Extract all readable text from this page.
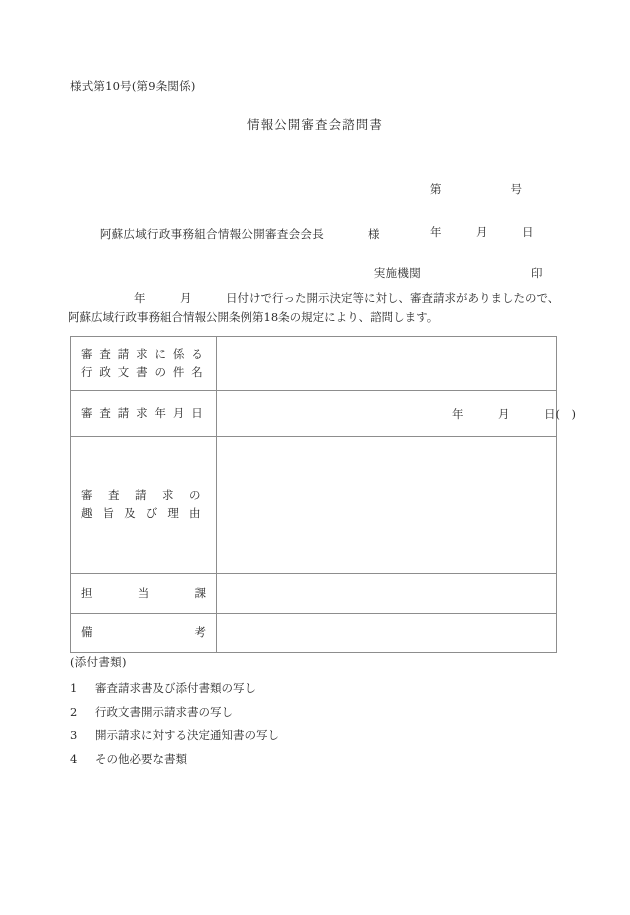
様式第10号(第9条関係)
情報公開審査会諮問書

第　　　　　　号

年　　　月　　　日

阿蘇広域行政事務組合情報公開審査会会長	様

実施機関	印

年　　　月　　　日付けで行った開示決定等に対し、審査請求がありましたので、阿蘇広域行政事務組合情報公開条例第18条の規定により、諮問します。
審査請求に係る
行政文書の件名	

審査請求年月日	年　　　月　　　日(　)

審査請求の
趣旨及び理由	

担　　　当　　　課	

備　　　　　　　考	

(添付書類)
1 審査請求書及び添付書類の写し
2 行政文書開示請求書の写し
3 開示請求に対する決定通知書の写し
4 その他必要な書類
